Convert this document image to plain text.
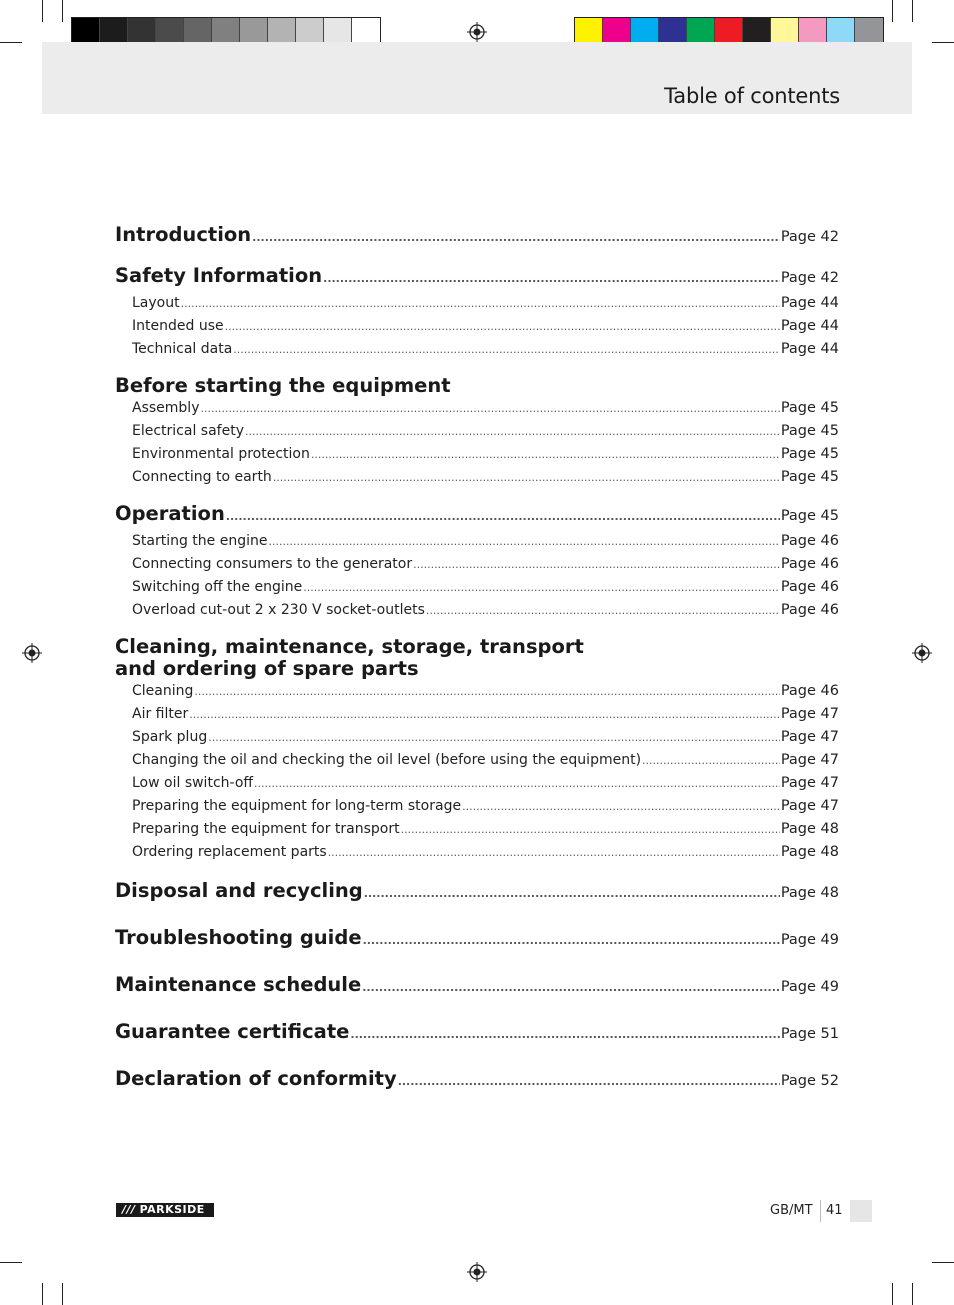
Table of contents
Introduction .....	Page 42
Safety Information .....	Page 42
Layout .....	Page 44
Intended use .....	Page 44
Technical data .....	Page 44
Before starting the equipment
Assembly .....	Page 45
Electrical safety .....	Page 45
Environmental protection .....	Page 45
Connecting to earth .....	Page 45
Operation .....	Page 45
Starting the engine .....	Page 46
Connecting consumers to the generator .....	Page 46
Switching off the engine .....	Page 46
Overload cut-out 2 x 230 V socket-outlets .....	Page 46
Cleaning, maintenance, storage, transport
and ordering of spare parts
Cleaning .....	Page 46
Air filter .....	Page 47
Spark plug .....	Page 47
Changing the oil and checking the oil level (before using the equipment) .....	Page 47
Low oil switch-off .....	Page 47
Preparing the equipment for long-term storage .....	Page 47
Preparing the equipment for transport .....	Page 48
Ordering replacement parts .....	Page 48
Disposal and recycling .....	Page 48
Troubleshooting guide .....	Page 49
Maintenance schedule .....	Page 49
Guarantee certificate .....	Page 51
Declaration of conformity .....	Page 52
/// PARKSIDE	GB/MT 41
